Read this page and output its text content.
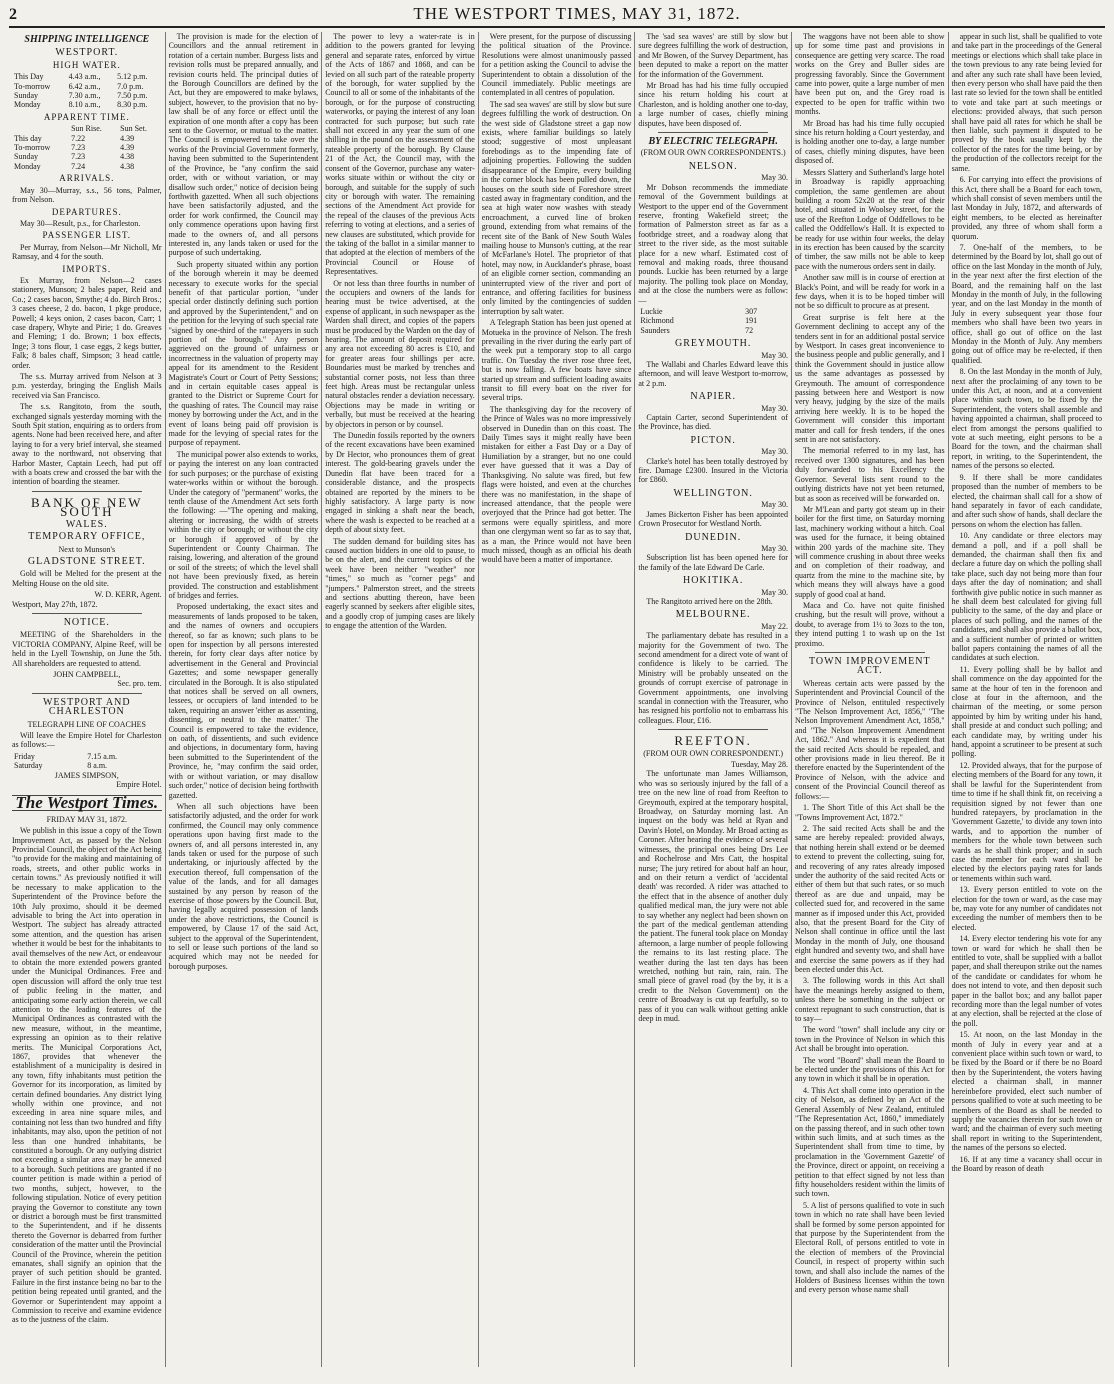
2	THE WESTPORT TIMES, MAY 31, 1872.
SHIPPING INTELLIGENCE
WESTPORT.
HIGH WATER.
This Day	4.43 a.m.,	5.12 p.m.
To-morrow	6.42 a.m.,	7.0 p.m.
Sunday	7.30 a.m.,	7.50 p.m.
Monday	8.10 a.m.,	8.30 p.m.
APPARENT TIME.
	Sun Rise.	Sun Set.
This day	7.22	4.39
To-morrow	7.23	4.39
Sunday	7.23	4.38
Monday	7.24	4.38
ARRIVALS.

May 30—Murray, s.s., 56 tons, Palmer, from Nelson.

DEPARTURES.

May 30—Result, p.s., for Charleston.

PASSENGER LIST.

Per Murray, from Nelson—Mr Nicholl, Mr Ramsay, and 4 for the south.

IMPORTS.

Ex Murray, from Nelson—2 cases stationery, Munson; 2 bales paper, Reid and Co.; 2 cases bacon, Smythe; 4 do. Birch Bros.; 3 cases cheese, 2 do. bacon, 1 pkge produce, Powell; 4 keys onion, 2 cases bacon, Carr; 1 case drapery, Whyte and Pirie; 1 do. Greaves and Fleming; 1 do. Brown; 1 box effects, Inge; 3 tons flour, 1 case eggs, 2 kegs butter, Falk; 8 bales chaff, Simpson; 3 head cattle, order.

The s.s. Murray arrived from Nelson at 3 p.m. yesterday, bringing the English Mails received via San Francisco.

The s.s. Rangitoto, from the south, exchanged signals yesterday morning with the South Spit station, enquiring as to orders from agents. None had been received here, and after laying to for a very brief interval, she steamed away to the northward, not observing that Harbor Master, Captain Leech, had put off with a boats crew and crossed the bar with the intention of boarding the steamer.

BANK OF NEW SOUTH
WALES.
TEMPORARY OFFICE,
Next to Munson's
GLADSTONE STREET.

Gold will be Melted for the present at the Melting House on the old site.

W. D. KERR, Agent.
Westport, May 27th, 1872.
NOTICE.

MEETING of the Shareholders in the VICTORIA COMPANY, Alpine Reef, will be held in the Lyell Township, on June the 5th. All shareholders are requested to attend.

JOHN CAMPBELL,
Sec. pro. tem.
WESTPORT AND CHARLESTON
TELEGRAPH LINE OF COACHES

Will leave the Empire Hotel for Charleston as follows:—

Friday	7.15 a.m.
Saturday	8 a.m.
JAMES SIMPSON,
Empire Hotel.
The Westport Times.
FRIDAY MAY 31, 1872.

We publish in this issue a copy of the Town Improvement Act, as passed by the Nelson Provincial Council, the object of the Act being "to provide for the making and maintaining of roads, streets, and other public works in certain towns." As previously notified it will be necessary to make application to the Superintendent of the Province before the 10th July proximo, should it be deemed advisable to bring the Act into operation in Westport. The subject has already attracted some attention, and the question has arisen whether it would be best for the inhabitants to avail themselves of the new Act, or endeavour to obtain the more extended powers granted under the Municipal Ordinances. Free and open discussion will afford the only true test of public feeling in the matter, and anticipating some early action therein, we call attention to the leading features of the Municipal Ordinances as contrasted with the new measure, without, in the meantime, expressing an opinion as to their relative merits. The Municipal Corporations Act, 1867, provides that whenever the establishment of a municipality is desired in any town, fifty inhabitants must petition the Governor for its incorporation, as limited by certain defined boundaries. Any district lying wholly within one province, and not exceeding in area nine square miles, and containing not less than two hundred and fifty inhabitants, may also, upon the petition of not less than one hundred inhabitants, be constituted a borough. Or any outlying district not exceeding a similar area may be annexed to a borough. Such petitions are granted if no counter petition is made within a period of two months, subject, however, to the following stipulation. Notice of every petition praying the Governor to constitute any town or district a borough must be first transmitted to the Superintendent, and if he dissents thereto the Governor is debarred from further consideration of the matter until the Provincial Council of the Province, wherein the petition emanates, shall signify an opinion that the prayer of such petition should be granted. Failure in the first instance being no bar to the petition being repeated until granted, and the Governor or Superintendent may appoint a Commission to receive and examine evidence as to the justness of the claim.

The provision is made for the election of Councillors and the annual retirement in rotation of a certain number. Burgess lists and revision rolls must be prepared annually, and revision courts held. The principal duties of the Borough Councillors are defined by the Act, but they are empowered to make bylaws, subject, however, to the provision that no by-law shall be of any force or effect until the expiration of one month after a copy has been sent to the Governor, or mutual to the matter. The Council is empowered to take over the works of the Provincial Government formerly, having been submitted to the Superintendent of the Province, be "any confirm the said order, with or without variation, or may disallow such order," notice of decision being forthwith gazetted. When all such objections have been satisfactorily adjusted, and the order for work confirmed, the Council may only commence operations upon having first made to the owners of, and all persons interested in, any lands taken or used for the purpose of such undertaking.

Such property situated within any portion of the borough wherein it may be deemed necessary to execute works for the special benefit of that particular portion, "under special order distinctly defining such portion and approved by the Superintendent," and on the petition for the levying of such special rate "signed by one-third of the ratepayers in such portion of the borough." Any person aggrieved on the ground of unfairness or incorrectness in the valuation of property may appeal for its amendment to the Resident Magistrate's Court or Court of Petty Sessions; and in certain equitable cases appeal is granted to the District or Supreme Court for the quashing of rates. The Council may raise money by borrowing under the Act, and in the event of loans being paid off provision is made for the levying of special rates for the purpose of repayment.

The municipal power also extends to works, or paying the interest on any loan contracted for such purposes; or the purchase of existing water-works within or without the borough. Under the category of "permanent" works, the tenth clause of the Amendment Act sets forth the following: —"The opening and making, altering or increasing, the width of streets within the city or borough; or without the city or borough if approved of by the Superintendent or County Chairman. The raising, lowering, and alteration of the ground or soil of the streets; of which the level shall not have been previously fixed, as herein provided. The construction and establishment of bridges and ferries.

Proposed undertaking, the exact sites and measurements of lands proposed to be taken, and the names of owners and occupiers thereof, so far as known; such plans to be open for inspection by all persons interested therein, for forty clear days after notice by advertisement in the General and Provincial Gazettes; and some newspaper generally circulated in the Borough. It is also stipulated that notices shall be served on all owners, lessees, or occupiers of land intended to be taken, requiring an answer 'either as assenting, dissenting, or neutral to the matter.' The Council is empowered to take the evidence, on oath, of dissentients, and such evidence and objections, in documentary form, having been submitted to the Superintendent of the Province, he, "may confirm the said order, with or without variation, or may disallow such order," notice of decision being forthwith gazetted.

When all such objections have been satisfactorily adjusted, and the order for work confirmed, the Council may only commence operations upon having first made to the owners of, and all persons interested in, any lands taken or used for the purpose of such undertaking, or injuriously affected by the execution thereof, full compensation of the value of the lands, and for all damages sustained by any person by reason of the exercise of those powers by the Council. But, having legally acquired possession of lands under the above restrictions, the Council is empowered, by Clause 17 of the said Act, subject to the approval of the Superintendent, to sell or lease such portions of the land so acquired which may not be needed for borough purposes.

The power to levy a water-rate is in addition to the powers granted for levying general and separate rates, enforced by virtue of the Acts of 1867 and 1868, and can be levied on all such part of the rateable property of the borough, for water supplied by the Council to all or some of the inhabitants of the borough, or for the purpose of constructing waterworks, or paying the interest of any loan contracted for such purpose; but such rate shall not exceed in any year the sum of one shilling in the pound on the assessment of the rateable property of the borough. By Clause 21 of the Act, the Council may, with the consent of the Governor, purchase any water-works situate within or without the city or borough, and suitable for the supply of such city or borough with water. The remaining sections of the Amendment Act provide for the repeal of the clauses of the previous Acts referring to voting at elections, and a series of new clauses are substituted, which provide for the taking of the ballot in a similar manner to that adopted at the election of members of the Provincial Council or House of Representatives.

Or not less than three fourths in number of the occupiers and owners of the lands for hearing must be twice advertised, at the expense of applicant, in such newspaper as the Warden shall direct, and copies of the papers must be produced by the Warden on the day of hearing. The amount of deposit required for any area not exceeding 80 acres is £10, and for greater areas four shillings per acre. Boundaries must be marked by trenches and substantial corner posts, not less than three feet high. Areas must be rectangular unless natural obstacles render a deviation necessary. Objections may be made in writing or verbally, but must be received at the hearing by objectors in person or by counsel.

The Dunedin fossils reported by the owners of the recent excavations have been examined by Dr Hector, who pronounces them of great interest. The gold-bearing gravels under the Dunedin flat have been traced for a considerable distance, and the prospects obtained are reported by the miners to be highly satisfactory. A large party is now engaged in sinking a shaft near the beach, where the wash is expected to be reached at a depth of about sixty feet.

The sudden demand for building sites has caused auction bidders in one old to pause, to be on the alert, and the current topics of the week have been neither "weather" nor "times," so much as "corner pegs" and "jumpers." Palmerston street, and the streets and sections abutting thereon, have been eagerly scanned by seekers after eligible sites, and a goodly crop of jumping cases are likely to engage the attention of the Warden.

Were present, for the purpose of discussing the political situation of the Province. Resolutions were almost unanimously passed for a petition asking the Council to advise the Superintendent to obtain a dissolution of the Council immediately. Public meetings are contemplated in all centres of population.

The sad sea waves' are still by slow but sure degrees fulfilling the work of destruction. On the west side of Gladstone street a gap now exists, where familiar buildings so lately stood; suggestive of most unpleasant forebodings as to the impending fate of adjoining properties. Following the sudden disappearance of the Empire, every building in the corner block has been pulled down, the houses on the south side of Foreshore street casted away in fragmentary condition, and the sea at high water now washes with steady encroachment, a curved line of broken ground, extending from what remains of the recent site of the Bank of New South Wales mailing house to Munson's cutting, at the rear of McFarlane's Hotel. The proprietor of that hotel, may now, in Aucklander's phrase, boast of an eligible corner section, commanding an uninterrupted view of the river and port of entrance, and offering facilities for business only limited by the contingencies of sudden interruption by salt water.

A Telegraph Station has been just opened at Motueka in the province of Nelson. The fresh prevailing in the river during the early part of the week put a temporary stop to all cargo traffic. On Tuesday the river rose three feet, but is now falling. A few boats have since started up stream and sufficient loading awaits transit to fill every boat on the river for several trips.

The thanksgiving day for the recovery of the Prince of Wales was no more impressively observed in Dunedin than on this coast. The Daily Times says it might really have been mistaken for either a Fast Day or a Day of Humiliation by a stranger, but no one could ever have guessed that it was a Day of Thanksgiving. No salute was fired, but few flags were hoisted, and even at the churches there was no manifestation, in the shape of increased attendance, that the people were overjoyed that the Prince had got better. The sermons were equally spiritless, and more than one clergyman went so far as to say that, as a man, the Prince would not have been much missed, though as an official his death would have been a matter of importance.

The 'sad sea waves' are still by slow but sure degrees fulfilling the work of destruction, and Mr Bowen, of the Survey Department, has been deputed to make a report on the matter for the information of the Government.

Mr Broad has had his time fully occupied since his return holding his court at Charleston, and is holding another one to-day, a large number of cases, chiefly mining disputes, have been disposed of.

BY ELECTRIC TELEGRAPH.
(FROM OUR OWN CORRESPONDENTS.)
NELSON.
May 30.

Mr Dobson recommends the immediate removal of the Government buildings at Westport to the upper end of the Government reserve, fronting Wakefield street; the formation of Palmerston street as far as a footbridge street, and a roadway along that street to the river side, as the most suitable place for a new wharf. Estimated cost of removal and making roads, three thousand pounds. Luckie has been returned by a large majority. The polling took place on Monday, and at the close the numbers were as follow:—

Luckie	307
Richmond	191
Saunders	72
GREYMOUTH.
May 30.

The Wallabi and Charles Edward leave this afternoon, and will leave Westport to-morrow, at 2 p.m.

NAPIER.
May 30.

Captain Carter, second Superintendent of the Province, has died.

PICTON.
May 30.

Clarke's hotel has been totally destroyed by fire. Damage £2300. Insured in the Victoria for £860.

WELLINGTON.
May 30.

James Bickerton Fisher has been appointed Crown Prosecutor for Westland North.

DUNEDIN.
May 30.

Subscription list has been opened here for the family of the late Edward De Carle.

HOKITIKA.
May 30.

The Rangitoto arrived here on the 28th.

MELBOURNE.
May 22.

The parliamentary debate has resulted in a majority for the Government of two. The second amendment for a direct vote of want of confidence is likely to be carried. The Ministry will be probably unseated on the grounds of corrupt exercise of patronage in Government appointments, one involving scandal in connection with the Treasurer, who has resigned his portfolio not to embarrass his colleagues. Flour, £16.

REEFTON.
(FROM OUR OWN CORRESPONDENT.)
Tuesday, May 28.

The unfortunate man James Williamson, who was so seriously injured by the fall of a tree on the new line of road from Reefton to Greymouth, expired at the temporary hospital, Broadway, on Saturday morning last. An inquest on the body was held at Ryan and Davin's Hotel, on Monday. Mr Broad acting as Coroner. After hearing the evidence of several witnesses, the principal ones being Drs Lee and Rochelrose and Mrs Catt, the hospital nurse; The jury retired for about half an hour, and on their return a verdict of 'accidental death' was recorded. A rider was attached to the effect that in the absence of another duly qualified medical man, the jury were not able to say whether any neglect had been shown on the part of the medical gentleman attending the patient. The funeral took place on Monday afternoon, a large number of people following the remains to its last resting place. The weather during the last ten days has been wretched, nothing but rain, rain, rain. The small piece of gravel road (by the by, it is a credit to the Nelson Government) on the centre of Broadway is cut up fearfully, so to pass of it you can walk without getting ankle deep in mud.

The waggons have not been able to show up for some time past and provisions in consequence are getting very scarce. The road works on the Grey and Buller sides are progressing favorably. Since the Government came into power, quite a large number of men have been put on, and the Grey road is expected to be open for traffic within two months.

Mr Broad has had his time fully occupied since his return holding a Court yesterday, and is holding another one to-day, a large number of cases, chiefly mining disputes, have been disposed of.

Messrs Slattery and Sutherland's large hotel in Broadway is rapidly approaching completion, the same gentlemen are about building a room 52x20 at the rear of their hotel, and situated in Woolsey street, for the use of the Reefton Lodge of Oddfellows to be called the Oddfellow's Hall. It is expected to be ready for use within four weeks, the delay in its erection has been caused by the scarcity of timber, the saw mills not be able to keep pace with the numerous orders sent in daily.

Another saw mill is in course of erection at Black's Point, and will be ready for work in a few days, when it is to be hoped timber will not be so difficult to procure as at present.

Great surprise is felt here at the Government declining to accept any of the tenders sent in for an additional postal service by Westport. In cases great inconvenience to the business people and public generally, and I think the Government should in justice allow us the same advantages as possessed by Greymouth. The amount of correspondence passing between here and Westport is now very heavy, judging by the size of the mails arriving here weekly. It is to be hoped the Government will consider this important matter and call for fresh tenders, if the ones sent in are not satisfactory.

The memorial referred to in my last, has received over 1300 signatures, and has been duly forwarded to his Excellency the Governor. Several lists sent round to the outlying districts have not yet been returned, but as soon as received will be forwarded on.

Mr M'Lean and party got steam up in their boiler for the first time, on Saturday morning last, machinery working without a hitch. Coal was used for the furnace, it being obtained within 200 yards of the machine site. They will commence crushing in about three weeks and on completion of their roadway, and quartz from the mine to the machine site, by which means they will always have a good supply of good coal at hand.

Maca and Co. have not quite finished crushing, but the result will prove, without a doubt, to average from 1½ to 3ozs to the ton, they intend putting 1 to wash up on the 1st proximo.

TOWN IMPROVEMENT ACT.

Whereas certain acts were passed by the Superintendent and Provincial Council of the Province of Nelson, entituled respectively "The Nelson Improvement Act, 1856," "The Nelson Improvement Amendment Act, 1858," and "The Nelson Improvement Amendment Act, 1862." And whereas it is expedient that the said recited Acts should be repealed, and other provisions made in lieu thereof. Be it therefore enacted by the Superintendent of the Province of Nelson, with the advice and consent of the Provincial Council thereof as follows:—

1. The Short Title of this Act shall be the "Towns Improvement Act, 1872."

2. The said recited Acts shall be and the same are hereby repealed: provided always, that nothing herein shall extend or be deemed to extend to prevent the collecting, suing for, and recovering of any rates already imposed under the authority of the said recited Acts or either of them but that such rates, or so much thereof as are due and unpaid, may be collected sued for, and recovered in the same manner as if imposed under this Act, provided also, that the present Board for the City of Nelson shall continue in office until the last Monday in the month of July, one thousand eight hundred and seventy two, and shall have and exercise the same powers as if they had been elected under this Act.

3. The following words in this Act shall have the meanings hereby assigned to them, unless there be something in the subject or context repugnant to such construction, that is to say—

The word "town" shall include any city or town in the Province of Nelson in which this Act shall be brought into operation.

The word "Board" shall mean the Board to be elected under the provisions of this Act for any town in which it shall be in operation.

4. This Act shall come into operation in the city of Nelson, as defined by an Act of the General Assembly of New Zealand, entituled "The Representation Act, 1860," immediately on the passing thereof, and in such other town within such limits, and at such times as the Superintendent shall from time to time, by proclamation in the 'Government Gazette' of the Province, direct or appoint, on receiving a petition to that effect signed by not less than fifty householders resident within the limits of such town.

5. A list of persons qualified to vote in such town in which no rate shall have been levied shall be formed by some person appointed for that purpose by the Superintendent from the Electoral Roll, of persons entitled to vote in the election of members of the Provincial Council, in respect of property within such town, and shall also include the names of the Holders of Business licenses within the town and every person whose name shall

appear in such list, shall be qualified to vote and take part in the proceedings of the General meetings or elections which shall take place in the town previous to any rate being levied for and after any such rate shall have been levied, then every person who shall have paid the then last rate so levied for the town shall be entitled to vote and take part at such meetings or elections: provided always, that such person shall have paid all rates for which he shall be then liable, such payment it disputed to be proved by the book usually kept by the collector of the rates for the time being, or by the production of the collectors receipt for the same.

6. For carrying into effect the provisions of this Act, there shall be a Board for each town, which shall consist of seven members until the last Monday in July, 1872, and afterwards of eight members, to be elected as hereinafter provided, any three of whom shall form a quorum.

7. One-half of the members, to be determined by the Board by lot, shall go out of office on the last Monday in the month of July, in the year next after the first election of the Board, and the remaining half on the last Monday in the month of July, in the following year, and on the last Monday in the month of July in every subsequent year those four members who shall have been two years in office, shall go out of office on the last Monday in the Month of July. Any members going out of office may be re-elected, if then qualified.

8. On the last Monday in the month of July, next after the proclaiming of any town to be under this Act, at noon, and at a convenient place within such town, to be fixed by the Superintendent, the voters shall assemble and having appointed a chairman, shall proceed to elect from amongst the persons qualified to vote at such meeting, eight persons to be a Board for the town, and the chairman shall report, in writing, to the Superintendent, the names of the persons so elected.

9. If there shall be more candidates proposed than the number of members to be elected, the chairman shall call for a show of hand separately in favor of each candidate, and after such show of hands, shall declare the persons on whom the election has fallen.

10. Any candidate or three electors may demand a poll, and if a poll shall be demanded, the chairman shall then fix and declare a future day on which the polling shall take place, such day not being more than four days after the day of nomination; and shall forthwith give public notice in such manner as he shall deem best calculated for giving full publicity to the same, of the day and place or places of such polling, and the names of the candidates, and shall also provide a ballot box, and a sufficient number of printed or written ballot papers containing the names of all the candidates at such election.

11. Every polling shall be by ballot and shall commence on the day appointed for the same at the hour of ten in the forenoon and close at four in the afternoon, and the chairman of the meeting, or some person appointed by him by writing under his hand, shall preside at and conduct such polling; and each candidate may, by writing under his hand, appoint a scrutineer to be present at such polling.

12. Provided always, that for the purpose of electing members of the Board for any town, it shall be lawful for the Superintendent from time to time if he shall think fit, on receiving a requisition signed by not fewer than one hundred ratepayers, by proclamation in the 'Government Gazette,' to divide any town into wards, and to apportion the number of members for the whole town between such wards as he shall think proper; and in such case the member for each ward shall be elected by the electors paying rates for lands or tenements within such ward.

13. Every person entitled to vote on the election for the town or ward, as the case may be, may vote for any number of candidates not exceeding the number of members then to be elected.

14. Every elector tendering his vote for any town or ward for which he shall then be entitled to vote, shall be supplied with a ballot paper, and shall thereupon strike out the names of the candidate or candidates for whom he does not intend to vote, and then deposit such paper in the ballot box; and any ballot paper recording more than the legal number of votes at any election, shall be rejected at the close of the poll.

15. At noon, on the last Monday in the month of July in every year and at a convenient place within such town or ward, to be fixed by the Board or if there be no Board then by the Superintendent, the voters having elected a chairman shall, in manner hereinbefore provided, elect such number of persons qualified to vote at such meeting to be members of the Board as shall be needed to supply the vacancies therein for such town or ward; and the chairman of every such meeting shall report in writing to the Superintendent, the names of the persons so elected.

16. If at any time a vacancy shall occur in the Board by reason of death
